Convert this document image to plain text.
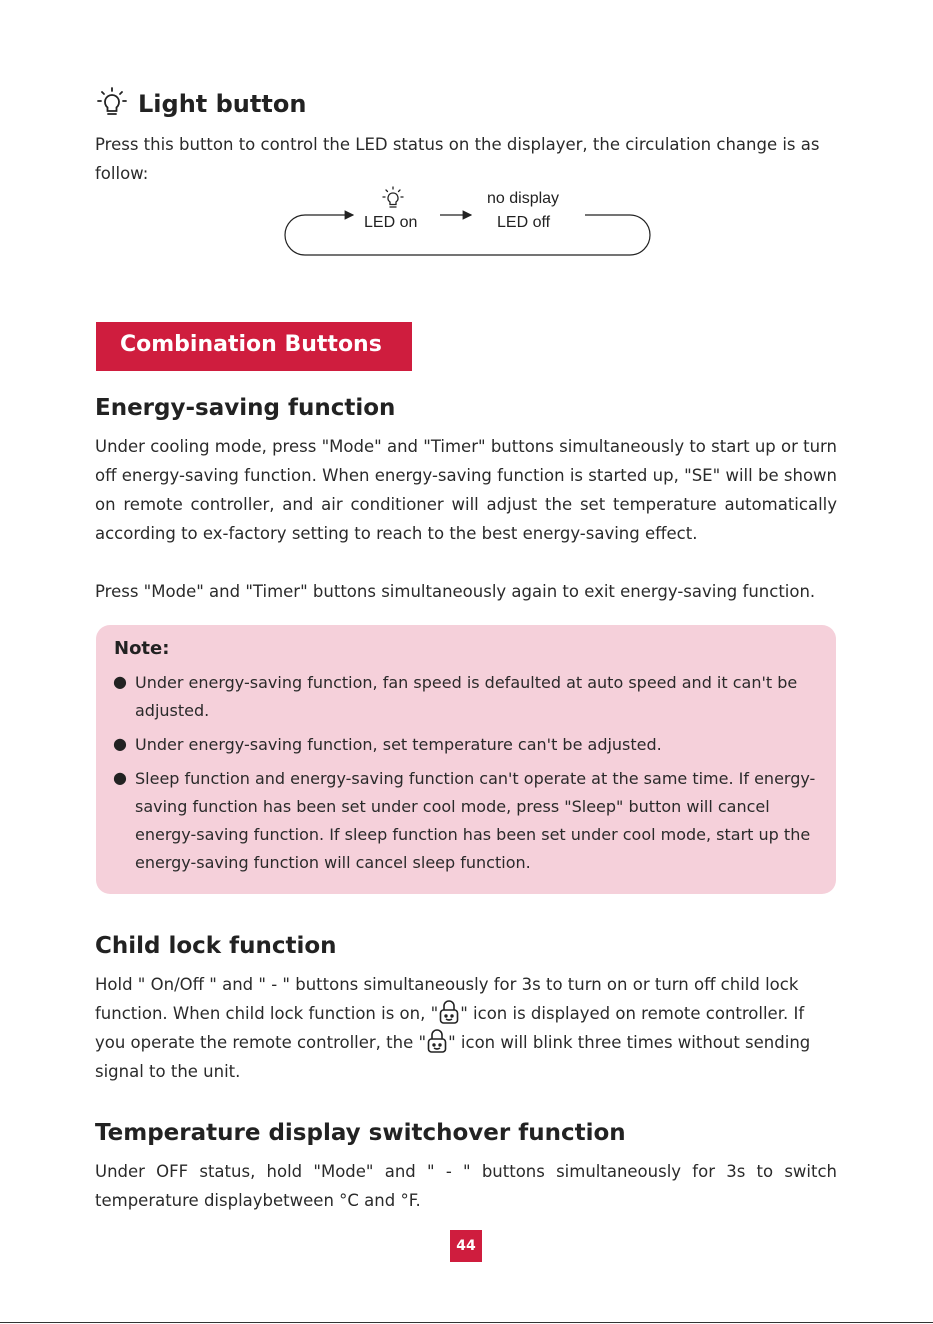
Light button
Press this button to control the LED status on the displayer, the circulation change is as follow:
LED on
no display
LED off
Combination Buttons
Energy-saving function
Under cooling mode, press "Mode" and "Timer" buttons simultaneously to start up or turn off energy-saving function. When energy-saving function is started up, "SE" will be shown on remote controller, and air conditioner will adjust the set temperature automatically according to ex-factory setting to reach to the best energy-saving effect.
Press "Mode" and "Timer" buttons simultaneously again to exit energy-saving function.
Note:
● Under energy-saving function, fan speed is defaulted at auto speed and it can't be adjusted.
● Under energy-saving function, set temperature can't be adjusted.
● Sleep function and energy-saving function can't operate at the same time. If energy-saving function has been set under cool mode, press "Sleep" button will cancel energy-saving function. If sleep function has been set under cool mode, start up the energy-saving function will cancel sleep function.
Child lock function
Hold " On/Off " and " - " buttons simultaneously for 3s to turn on or turn off child lock function. When child lock function is on, " " icon is displayed on remote controller. If you operate the remote controller, the " " icon will blink three times without sending signal to the unit.
Temperature display switchover function
Under OFF status, hold "Mode" and " - " buttons simultaneously for 3s to switch temperature displaybetween °C and °F.
44
